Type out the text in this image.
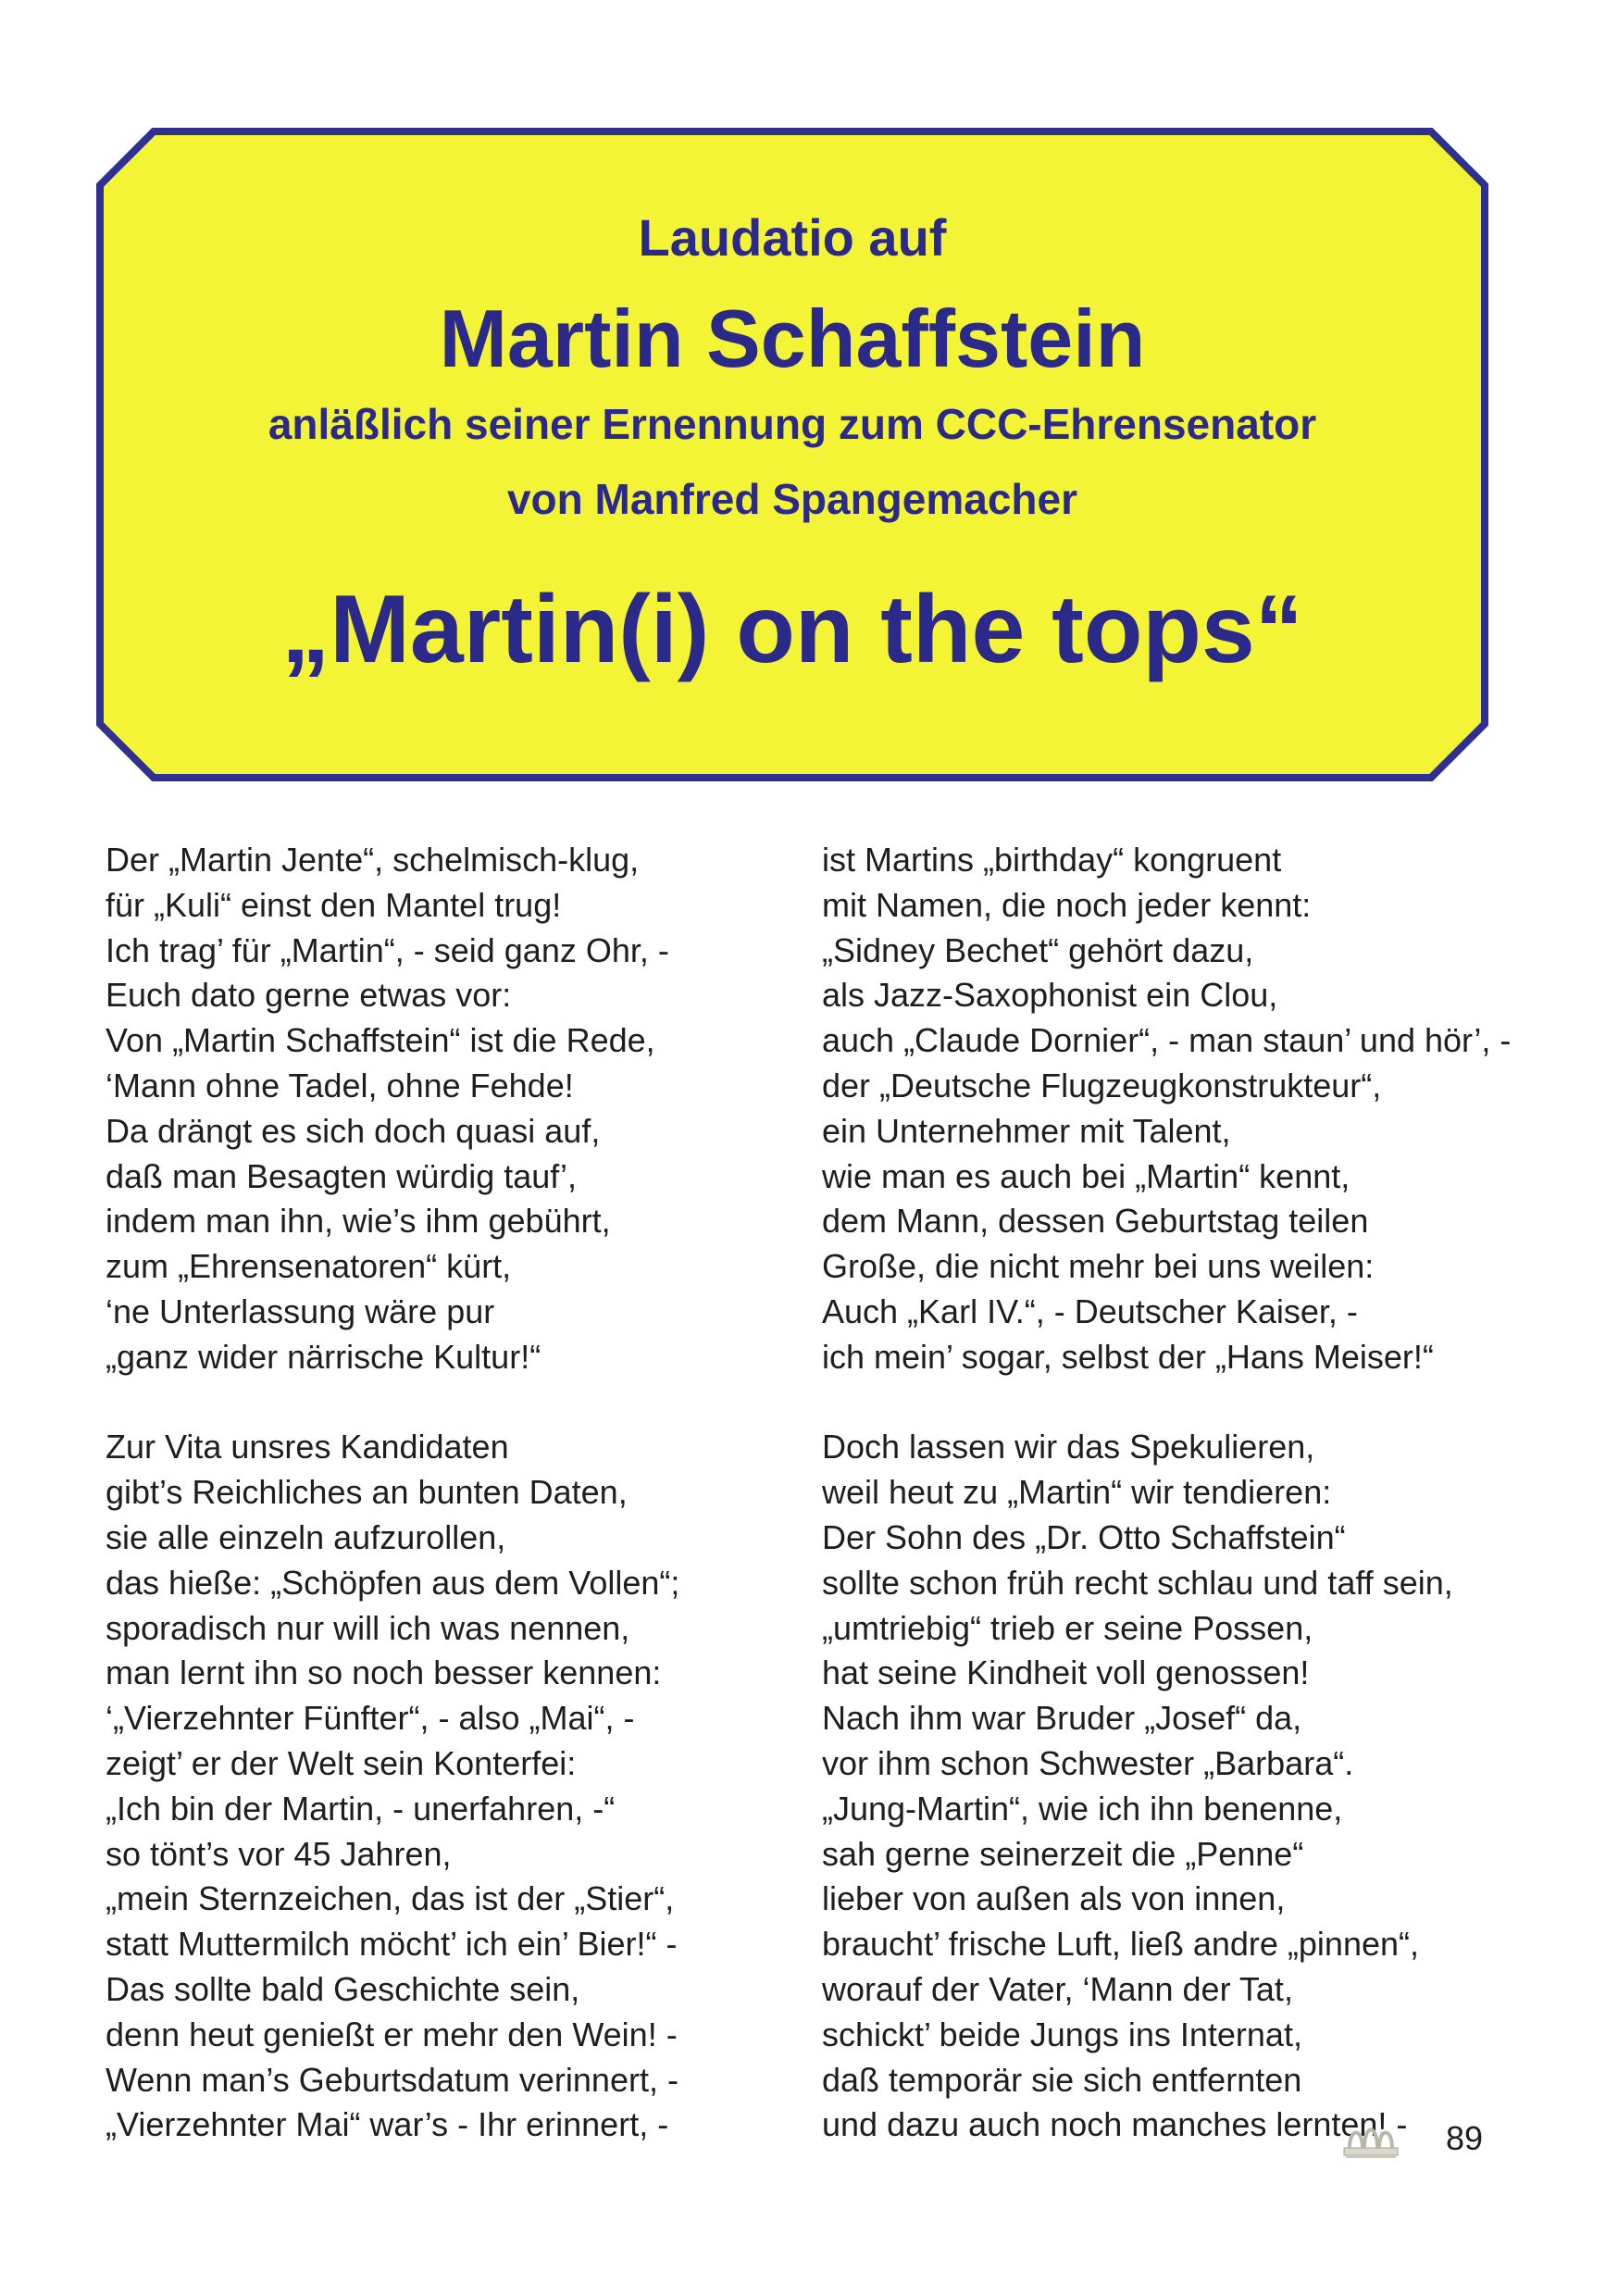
Laudatio auf
Martin Schaffstein
anläßlich seiner Ernennung zum CCC-Ehrensenator
von Manfred Spangemacher
„Martin(i) on the tops“
Der „Martin Jente“, schelmisch-klug,
für „Kuli“ einst den Mantel trug!
Ich trag’ für „Martin“, - seid ganz Ohr, -
Euch dato gerne etwas vor:
Von „Martin Schaffstein“ ist die Rede,
‘Mann ohne Tadel, ohne Fehde!
Da drängt es sich doch quasi auf,
daß man Besagten würdig tauf’,
indem man ihn, wie’s ihm gebührt,
zum „Ehrensenatoren“ kürt,
‘ne Unterlassung wäre pur
„ganz wider närrische Kultur!“
Zur Vita unsres Kandidaten
gibt’s Reichliches an bunten Daten,
sie alle einzeln aufzurollen,
das hieße: „Schöpfen aus dem Vollen“;
sporadisch nur will ich was nennen,
man lernt ihn so noch besser kennen:
‘„Vierzehnter Fünfter“, - also „Mai“, -
zeigt’ er der Welt sein Konterfei:
„Ich bin der Martin, - unerfahren, -“
so tönt’s vor 45 Jahren,
„mein Sternzeichen, das ist der „Stier“,
statt Muttermilch möcht’ ich ein’ Bier!“ -
Das sollte bald Geschichte sein,
denn heut genießt er mehr den Wein! -
Wenn man’s Geburtsdatum verinnert, -
„Vierzehnter Mai“ war’s - Ihr erinnert, -
ist Martins „birthday“ kongruent
mit Namen, die noch jeder kennt:
„Sidney Bechet“ gehört dazu,
als Jazz-Saxophonist ein Clou,
auch „Claude Dornier“, - man staun’ und hör’, -
der „Deutsche Flugzeugkonstrukteur“,
ein Unternehmer mit Talent,
wie man es auch bei „Martin“ kennt,
dem Mann, dessen Geburtstag teilen
Große, die nicht mehr bei uns weilen:
Auch „Karl IV.“, - Deutscher Kaiser, -
ich mein’ sogar, selbst der „Hans Meiser!“
Doch lassen wir das Spekulieren,
weil heut zu „Martin“ wir tendieren:
Der Sohn des „Dr. Otto Schaffstein“
sollte schon früh recht schlau und taff sein,
„umtriebig“ trieb er seine Possen,
hat seine Kindheit voll genossen!
Nach ihm war Bruder „Josef“ da,
vor ihm schon Schwester „Barbara“.
„Jung-Martin“, wie ich ihn benenne,
sah gerne seinerzeit die „Penne“
lieber von außen als von innen,
braucht’ frische Luft, ließ andre „pinnen“,
worauf der Vater, ‘Mann der Tat,
schickt’ beide Jungs ins Internat,
daß temporär sie sich entfernten
und dazu auch noch manches lernten! -	89
